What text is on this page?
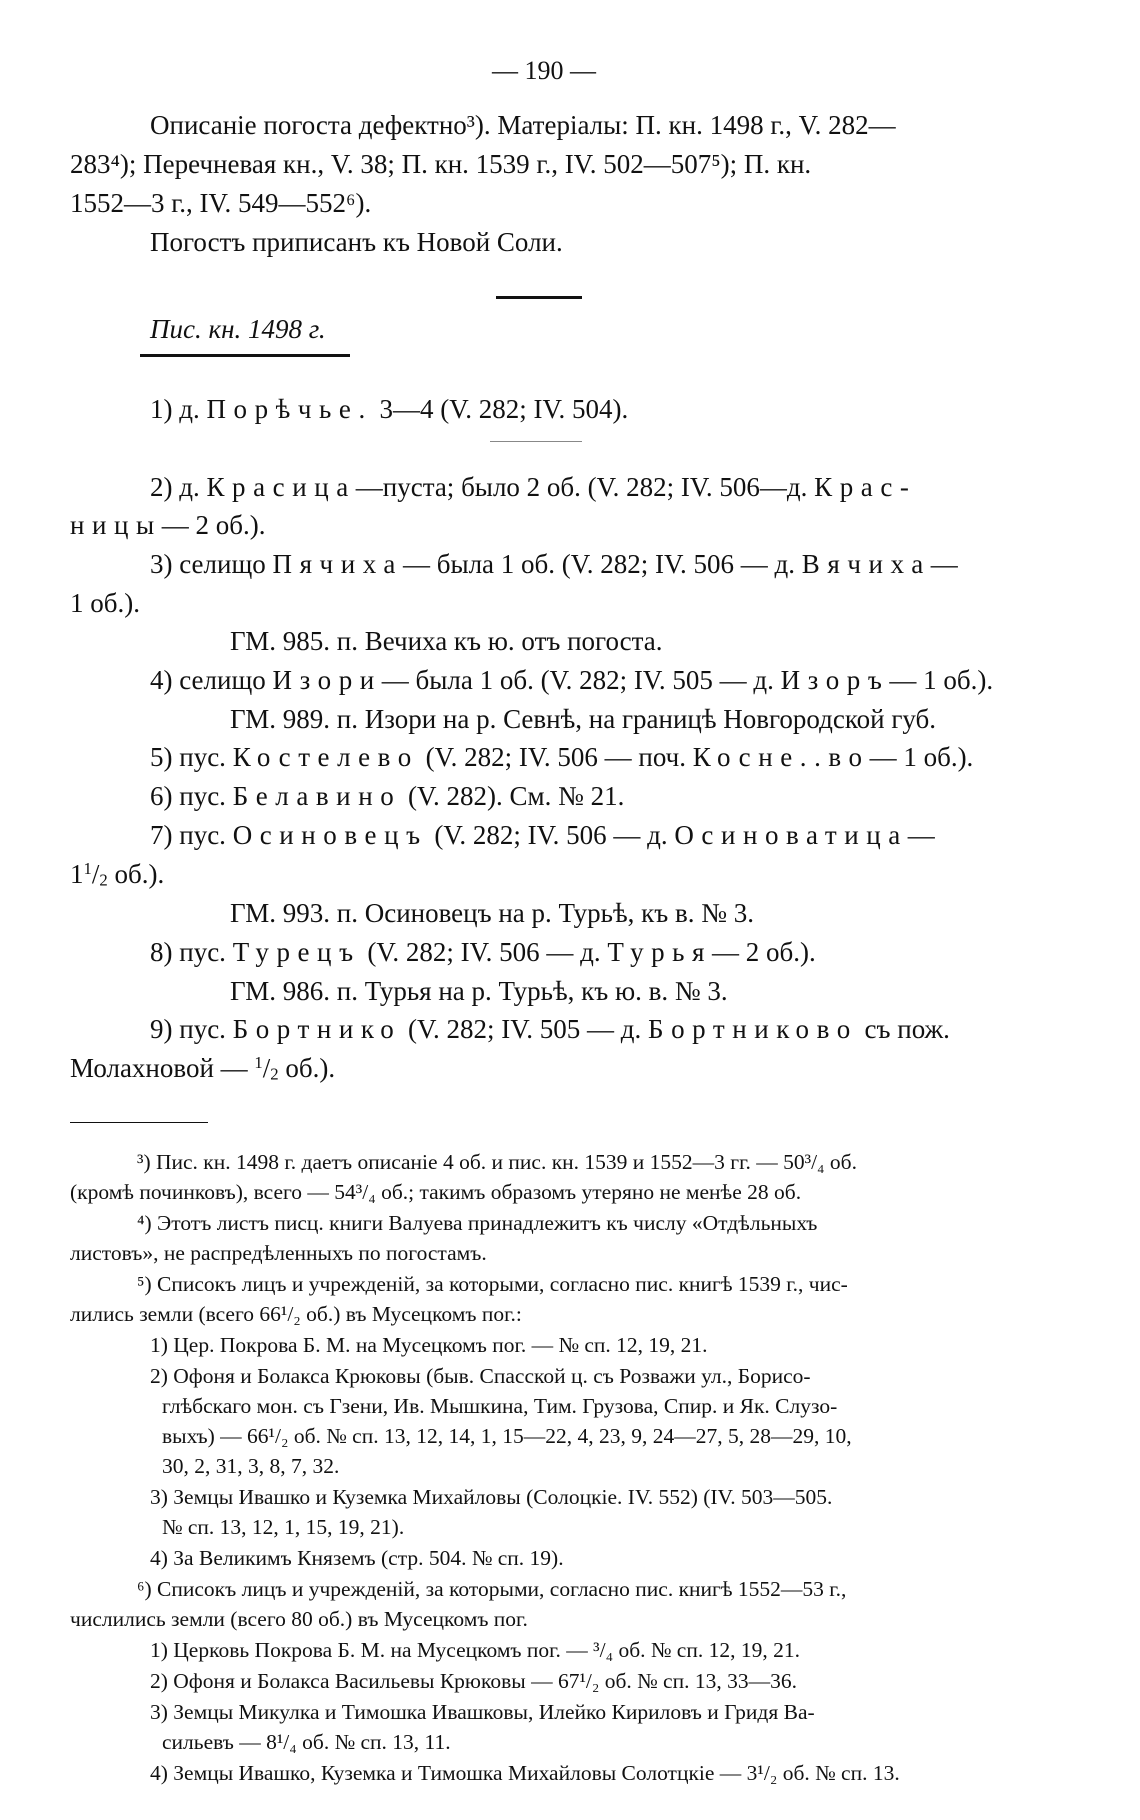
— 190 —
Описаніе погоста дефектно³). Матеріалы: П. кн. 1498 г., V. 282—
283⁴); Перечневая кн., V. 38; П. кн. 1539 г., IV. 502—507⁵); П. кн.
1552—3 г., IV. 549—552⁶).
Погостъ приписанъ къ Новой Соли.
Пис. кн. 1498 г.
1) д. Порѣчье. 3—4 (V. 282; IV. 504).
2) д. Красица—пуста; было 2 об. (V. 282; IV. 506—д. Крас-
ницы— 2 об.).
3) селищо Пячиха— была 1 об. (V. 282; IV. 506 — д. Вячиха—
1 об.).
ГМ. 985. п. Вечиха къ ю. отъ погоста.
4) селищо Изори— была 1 об. (V. 282; IV. 505 — д. Изоръ— 1 об.).
ГМ. 989. п. Изори на р. Севнѣ, на границѣ Новгородской губ.
5) пус. Костелево (V. 282; IV. 506 — поч. Косне..во— 1 об.).
6) пус. Белавино (V. 282). См. № 21.
7) пус. Осиновецъ (V. 282; IV. 506 — д. Осиноватица—
$1^1/_2$ об.).
ГМ. 993. п. Осиновецъ на р. Турьѣ, къ в. № 3.
8) пус. Турецъ (V. 282; IV. 506 — д. Турья— 2 об.).
ГМ. 986. п. Турья на р. Турьѣ, къ ю. в. № 3.
9) пус. Бортнико (V. 282; IV. 505 — д. Бортниково съ пож.
Молахновой — $^1/_2$ об.).
³) Пис. кн. 1498 г. даетъ описаніе 4 об. и пис. кн. 1539 и 1552—3 гг. — 50³/₄ об.
(кромѣ починковъ), всего — 54³/₄ об.; такимъ образомъ утеряно не менѣе 28 об.
⁴) Этотъ листъ писц. книги Валуева принадлежитъ къ числу «Отдѣльныхъ
листовъ», не распредѣленныхъ по погостамъ.
⁵) Списокъ лицъ и учрежденій, за которыми, согласно пис. книгѣ 1539 г., чис-
лились земли (всего 66¹/₂ об.) въ Мусецкомъ пог.:
1) Цер. Покрова Б. М. на Мусецкомъ пог. — № сп. 12, 19, 21.
2) Офоня и Болакса Крюковы (быв. Спасской ц. съ Розважи ул., Борисо-
глѣбскаго мон. съ Гзени, Ив. Мышкина, Тим. Грузова, Спир. и Як. Слузо-
выхъ) — 66¹/₂ об. № сп. 13, 12, 14, 1, 15—22, 4, 23, 9, 24—27, 5, 28—29, 10,
30, 2, 31, 3, 8, 7, 32.
3) Земцы Ивашко и Куземка Михайловы (Солоцкіе. IV. 552) (IV. 503—505.
№ сп. 13, 12, 1, 15, 19, 21).
4) За Великимъ Княземъ (стр. 504. № сп. 19).
⁶) Списокъ лицъ и учрежденій, за которыми, согласно пис. книгѣ 1552—53 г.,
числились земли (всего 80 об.) въ Мусецкомъ пог.
1) Церковь Покрова Б. М. на Мусецкомъ пог. — ³/₄ об. № сп. 12, 19, 21.
2) Офоня и Болакса Васильевы Крюковы — 67¹/₂ об. № сп. 13, 33—36.
3) Земцы Микулка и Тимошка Ивашковы, Илейко Кириловъ и Гридя Ва-
сильевъ — 8¹/₄ об. № сп. 13, 11.
4) Земцы Ивашко, Куземка и Тимошка Михайловы Солотцкіе — 3¹/₂ об. № сп. 13.
